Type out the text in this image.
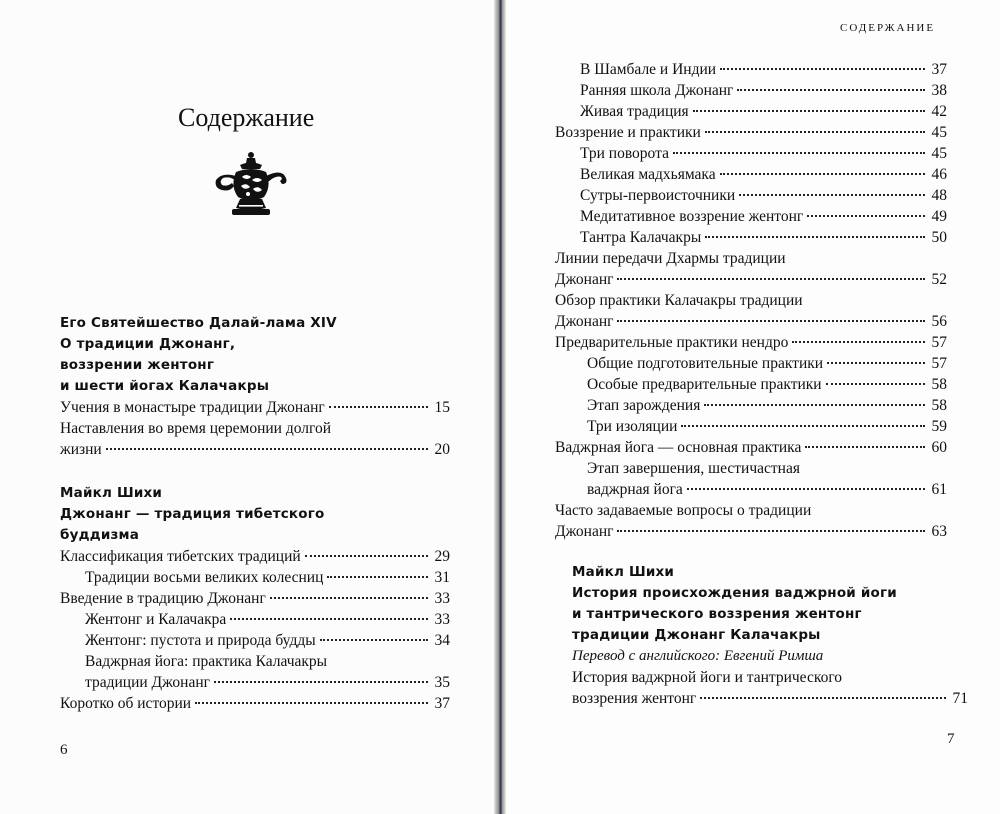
СОДЕРЖАНИЕ
Содержание
Его Святейшество Далай-лама XIV
О традиции Джонанг,
воззрении жентонг
и шести йогах Калачакры
Учения в монастыре традиции Джонанг	15
Наставления во время церемонии долгой
жизни	20
Майкл Шихи
Джонанг — традиция тибетского
буддизма
Классификация тибетских традиций	29
Традиции восьми великих колесниц	31
Введение в традицию Джонанг	33
Жентонг и Калачакра	33
Жентонг: пустота и природа будды	34
Ваджрная йога: практика Калачакры
традиции Джонанг	35
Коротко об истории	37
6
В Шамбале и Индии	37
Ранняя школа Джонанг	38
Живая традиция	42
Воззрение и практики	45
Три поворота	45
Великая мадхьямака	46
Сутры-первоисточники	48
Медитативное воззрение жентонг	49
Тантра Калачакры	50
Линии передачи Дхармы традиции
Джонанг	52
Обзор практики Калачакры традиции
Джонанг	56
Предварительные практики нендро	57
Общие подготовительные практики	57
Особые предварительные практики	58
Этап зарождения	58
Три изоляции	59
Ваджрная йога — основная практика	60
Этап завершения, шестичастная
ваджрная йога	61
Часто задаваемые вопросы о традиции
Джонанг	63
Майкл Шихи
История происхождения ваджрной йоги
и тантрического воззрения жентонг
традиции Джонанг Калачакры
Перевод с английского: Евгений Римша
История ваджрной йоги и тантрического
воззрения жентонг	71
7
